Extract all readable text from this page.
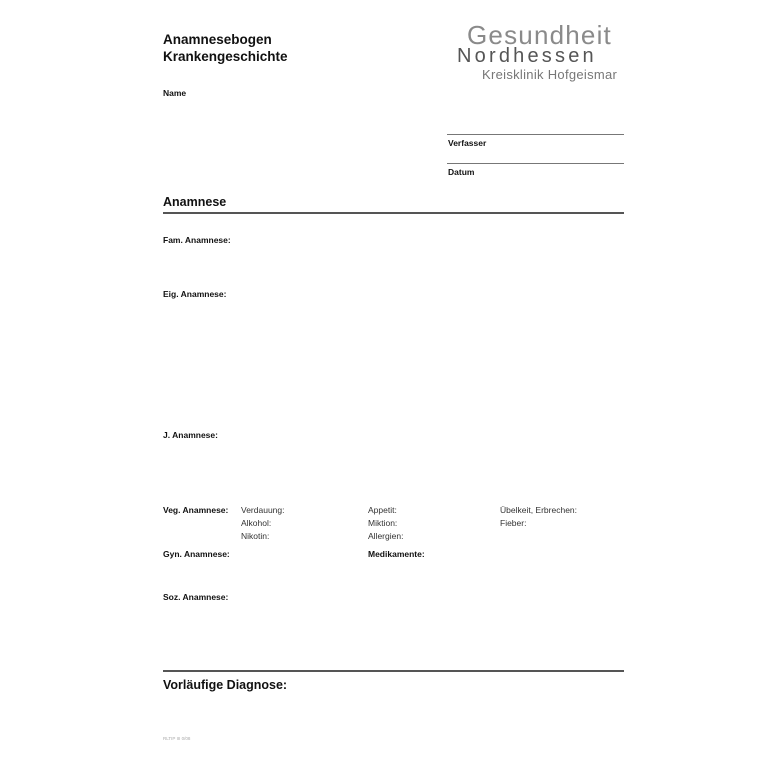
Anamnesebogen
Krankengeschichte
Name
Gesundheit
Nordhessen
Kreisklinik Hofgeismar
Verfasser
Datum
Anamnese
Fam. Anamnese:
Eig. Anamnese:
J. Anamnese:
Veg. Anamnese: Verdauung:
Alkohol:
Nikotin:
Appetit:
Miktion:
Allergien:
Übelkeit, Erbrechen:
Fieber:
Gyn. Anamnese:	Medikamente:
Soz. Anamnese:
Vorläufige Diagnose:
RLTIP III 0/08
